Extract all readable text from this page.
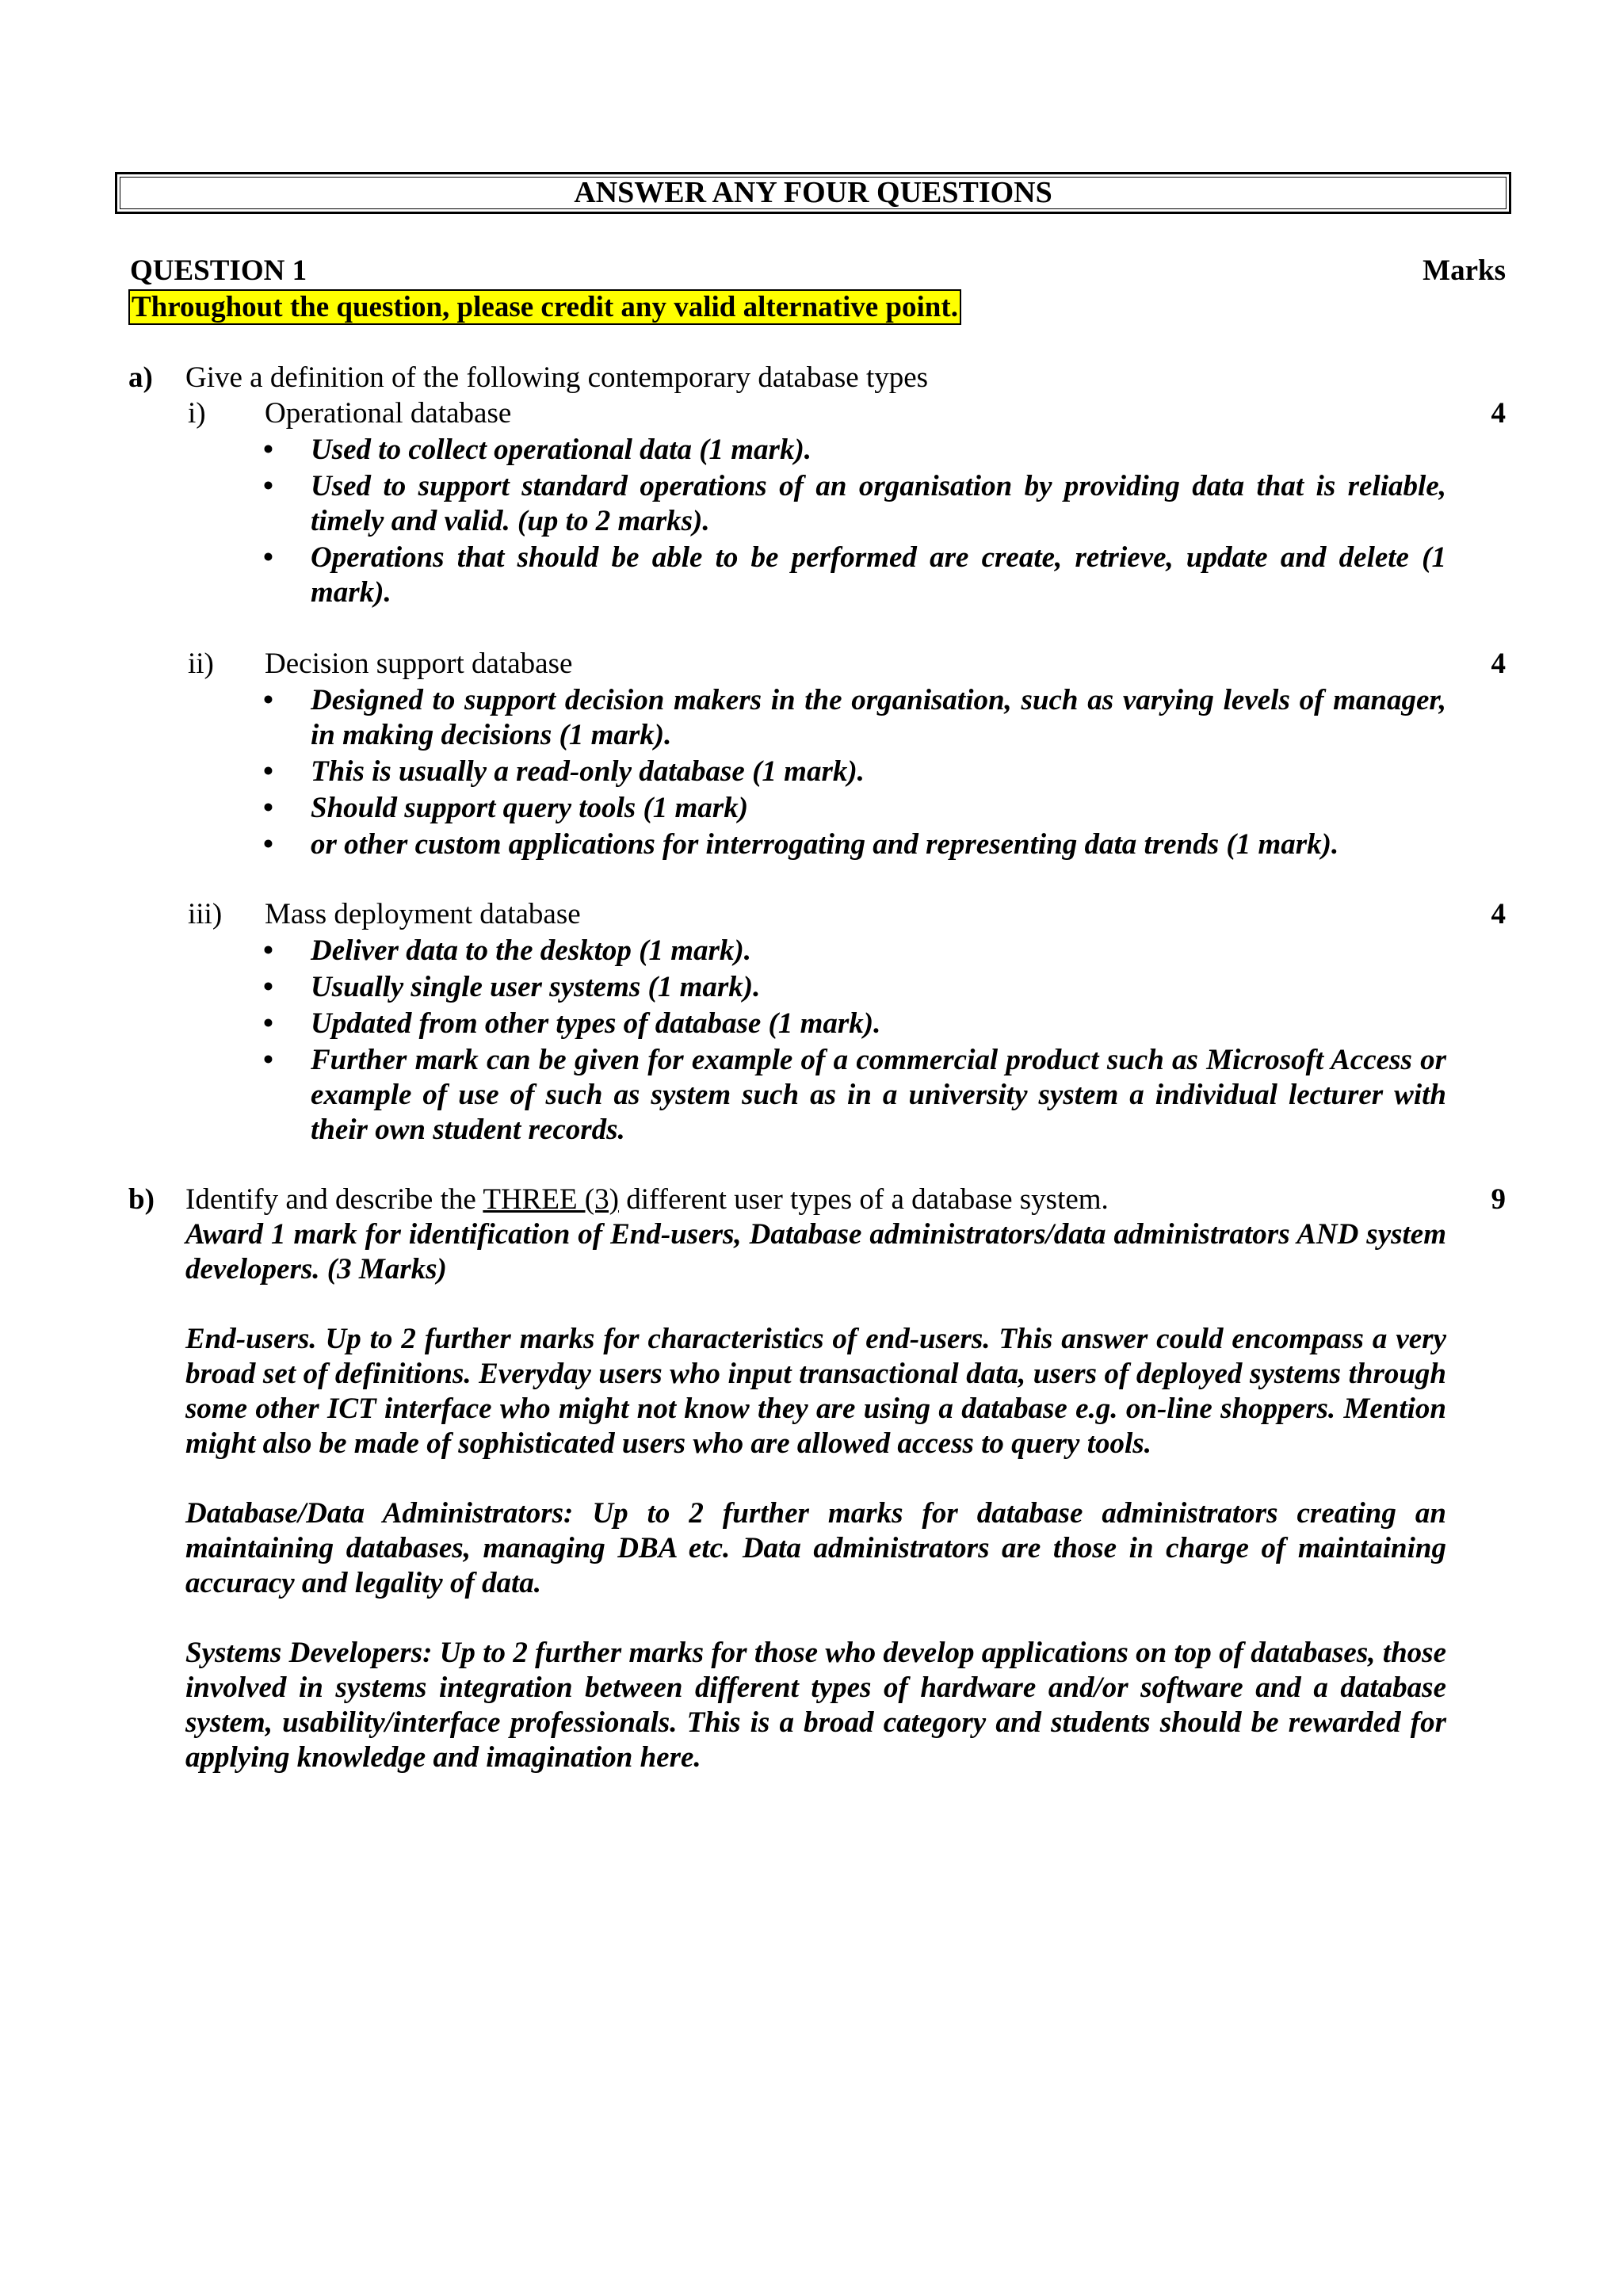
ANSWER ANY FOUR QUESTIONS
QUESTION 1	Marks
Throughout the question, please credit any valid alternative point.
a) Give a definition of the following contemporary database types
i) Operational database	4
• Used to collect operational data (1 mark).
• Used to support standard operations of an organisation by providing data that is reliable, timely and valid. (up to 2 marks).
• Operations that should be able to be performed are create, retrieve, update and delete (1 mark).
ii) Decision support database	4
• Designed to support decision makers in the organisation, such as varying levels of manager, in making decisions (1 mark).
• This is usually a read-only database (1 mark).
• Should support query tools (1 mark)
• or other custom applications for interrogating and representing data trends (1 mark).
iii) Mass deployment database	4
• Deliver data to the desktop (1 mark).
• Usually single user systems (1 mark).
• Updated from other types of database (1 mark).
• Further mark can be given for example of a commercial product such as Microsoft Access or example of use of such as system such as in a university system a individual lecturer with their own student records.
b) Identify and describe the THREE (3) different user types of a database system.	9

Award 1 mark for identification of End-users, Database administrators/data administrators AND system developers. (3 Marks)

End-users. Up to 2 further marks for characteristics of end-users. This answer could encompass a very broad set of definitions. Everyday users who input transactional data, users of deployed systems through some other ICT interface who might not know they are using a database e.g. on-line shoppers. Mention might also be made of sophisticated users who are allowed access to query tools.

Database/Data Administrators: Up to 2 further marks for database administrators creating an maintaining databases, managing DBA etc. Data administrators are those in charge of maintaining accuracy and legality of data.

Systems Developers: Up to 2 further marks for those who develop applications on top of databases, those involved in systems integration between different types of hardware and/or software and a database system, usability/interface professionals. This is a broad category and students should be rewarded for applying knowledge and imagination here.
